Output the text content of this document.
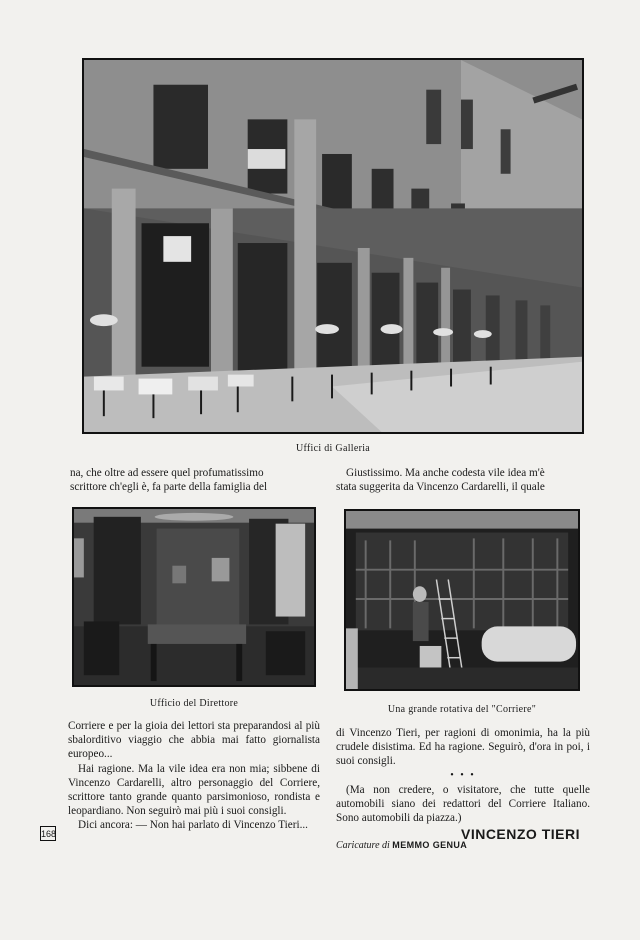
Uffici di Galleria

na, che oltre ad essere quel profumatissimo

scrittore ch'egli è, fa parte della famiglia del

Giustissimo. Ma anche codesta vile idea m'è

stata suggerita da Vincenzo Cardarelli, il quale

Ufficio del Direttore
Una grande rotativa del "Corriere"

Corriere e per la gioia dei lettori sta preparandosi al più sbalorditivo viaggio che abbia mai fatto giornalista europeo...

Hai ragione. Ma la vile idea era non mia; sibbene di Vincenzo Cardarelli, altro personaggio del Corriere, scrittore tanto grande quanto parsimonioso, rondista e leopardiano. Non seguirò mai più i suoi consigli.

Dici ancora: — Non hai parlato di Vincenzo Tieri...

di Vincenzo Tieri, per ragioni di omonimia, ha la più crudele disistima. Ed ha ragione. Seguirò, d'ora in poi, i suoi consigli.

• • •

(Ma non credere, o visitatore, che tutte quelle automobili siano dei redattori del Corriere Italiano. Sono automobili da piazza.)

168	VINCENZO TIERI
Caricature di MEMMO GENUA
